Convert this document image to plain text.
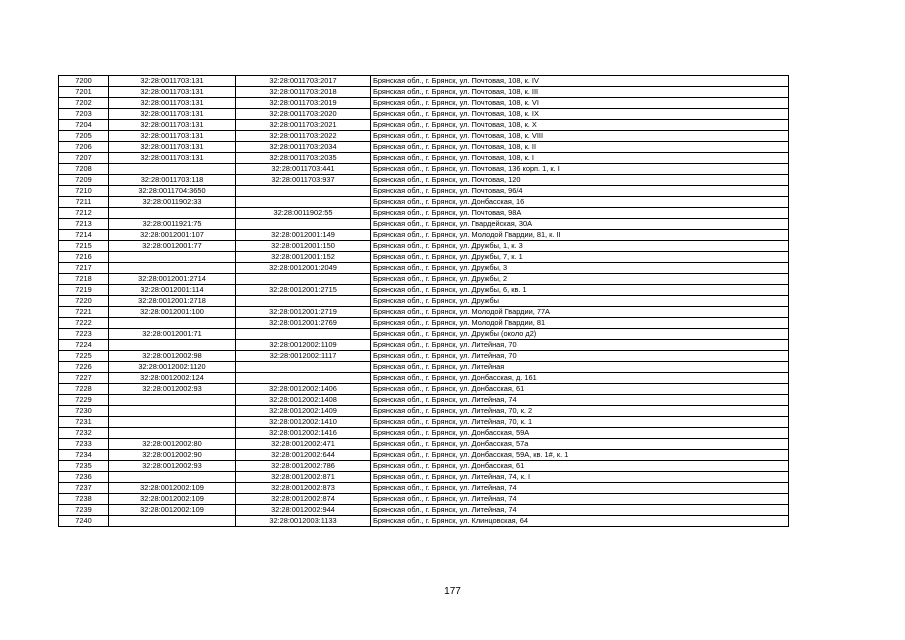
7200	32:28:0011703:131	32:28:0011703:2017	Брянская обл., г. Брянск, ул. Почтовая, 108, к. IV
7201	32:28:0011703:131	32:28:0011703:2018	Брянская обл., г. Брянск, ул. Почтовая, 108, к. III
7202	32:28:0011703:131	32:28:0011703:2019	Брянская обл., г. Брянск, ул. Почтовая, 108, к. VI
7203	32:28:0011703:131	32:28:0011703:2020	Брянская обл., г. Брянск, ул. Почтовая, 108, к. IX
7204	32:28:0011703:131	32:28:0011703:2021	Брянская обл., г. Брянск, ул. Почтовая, 108, к. X
7205	32:28:0011703:131	32:28:0011703:2022	Брянская обл., г. Брянск, ул. Почтовая, 108, к. VIII
7206	32:28:0011703:131	32:28:0011703:2034	Брянская обл., г. Брянск, ул. Почтовая, 108, к. II
7207	32:28:0011703:131	32:28:0011703:2035	Брянская обл., г. Брянск, ул. Почтовая, 108, к. I
7208		32:28:0011703:441	Брянская обл., г. Брянск, ул. Почтовая, 136 корп. 1, к. I
7209	32:28:0011703:118	32:28:0011703:937	Брянская обл., г. Брянск, ул. Почтовая, 120
7210	32:28:0011704:3650		Брянская обл., г. Брянск, ул. Почтовая, 96/4
7211	32:28:0011902:33		Брянская обл., г. Брянск, ул. Донбасская, 16
7212		32:28:0011902:55	Брянская обл., г. Брянск, ул. Почтовая, 98А
7213	32:28:0011921:75		Брянская обл., г. Брянск, ул. Гвардейская, 30А
7214	32:28:0012001:107	32:28:0012001:149	Брянская обл., г. Брянск, ул. Молодой Гвардии, 81, к. II
7215	32:28:0012001:77	32:28:0012001:150	Брянская обл., г. Брянск, ул. Дружбы, 1, к. 3
7216		32:28:0012001:152	Брянская обл., г. Брянск, ул. Дружбы, 7, к. 1
7217		32:28:0012001:2049	Брянская обл., г. Брянск, ул. Дружбы, 3
7218	32:28:0012001:2714		Брянская обл., г. Брянск, ул. Дружбы, 2
7219	32:28:0012001:114	32:28:0012001:2715	Брянская обл., г. Брянск, ул. Дружбы, 6, кв. 1
7220	32:28:0012001:2718		Брянская обл., г. Брянск, ул. Дружбы
7221	32:28:0012001:100	32:28:0012001:2719	Брянская обл., г. Брянск, ул. Молодой Гвардии, 77А
7222		32:28:0012001:2769	Брянская обл., г. Брянск, ул. Молодой Гвардии, 81
7223	32:28:0012001:71		Брянская обл., г. Брянск, ул. Дружбы (около д2)
7224		32:28:0012002:1109	Брянская обл., г. Брянск, ул. Литейная, 70
7225	32:28:0012002:98	32:28:0012002:1117	Брянская обл., г. Брянск, ул. Литейная, 70
7226	32:28:0012002:1120		Брянская обл., г. Брянск, ул. Литейная
7227	32:28:0012002:124		Брянская обл., г. Брянск, ул. Донбасская, д. 161
7228	32:28:0012002:93	32:28:0012002:1406	Брянская обл., г. Брянск, ул. Донбасская, 61
7229		32:28:0012002:1408	Брянская обл., г. Брянск, ул. Литейная, 74
7230		32:28:0012002:1409	Брянская обл., г. Брянск, ул. Литейная, 70, к. 2
7231		32:28:0012002:1410	Брянская обл., г. Брянск, ул. Литейная, 70, к. 1
7232		32:28:0012002:1416	Брянская обл., г. Брянск, ул. Донбасская, 59А
7233	32:28:0012002:80	32:28:0012002:471	Брянская обл., г. Брянск, ул. Донбасская, 57а
7234	32:28:0012002:90	32:28:0012002:644	Брянская обл., г. Брянск, ул. Донбасская, 59А, кв. 1#, к. 1
7235	32:28:0012002:93	32:28:0012002:786	Брянская обл., г. Брянск, ул. Донбасская, 61
7236		32:28:0012002:871	Брянская обл., г. Брянск, ул. Литейная, 74, к. I
7237	32:28:0012002:109	32:28:0012002:873	Брянская обл., г. Брянск, ул. Литейная, 74
7238	32:28:0012002:109	32:28:0012002:874	Брянская обл., г. Брянск, ул. Литейная, 74
7239	32:28:0012002:109	32:28:0012002:944	Брянская обл., г. Брянск, ул. Литейная, 74
7240		32:28:0012003:1133	Брянская обл., г. Брянск, ул. Клинцовская, 64
177
